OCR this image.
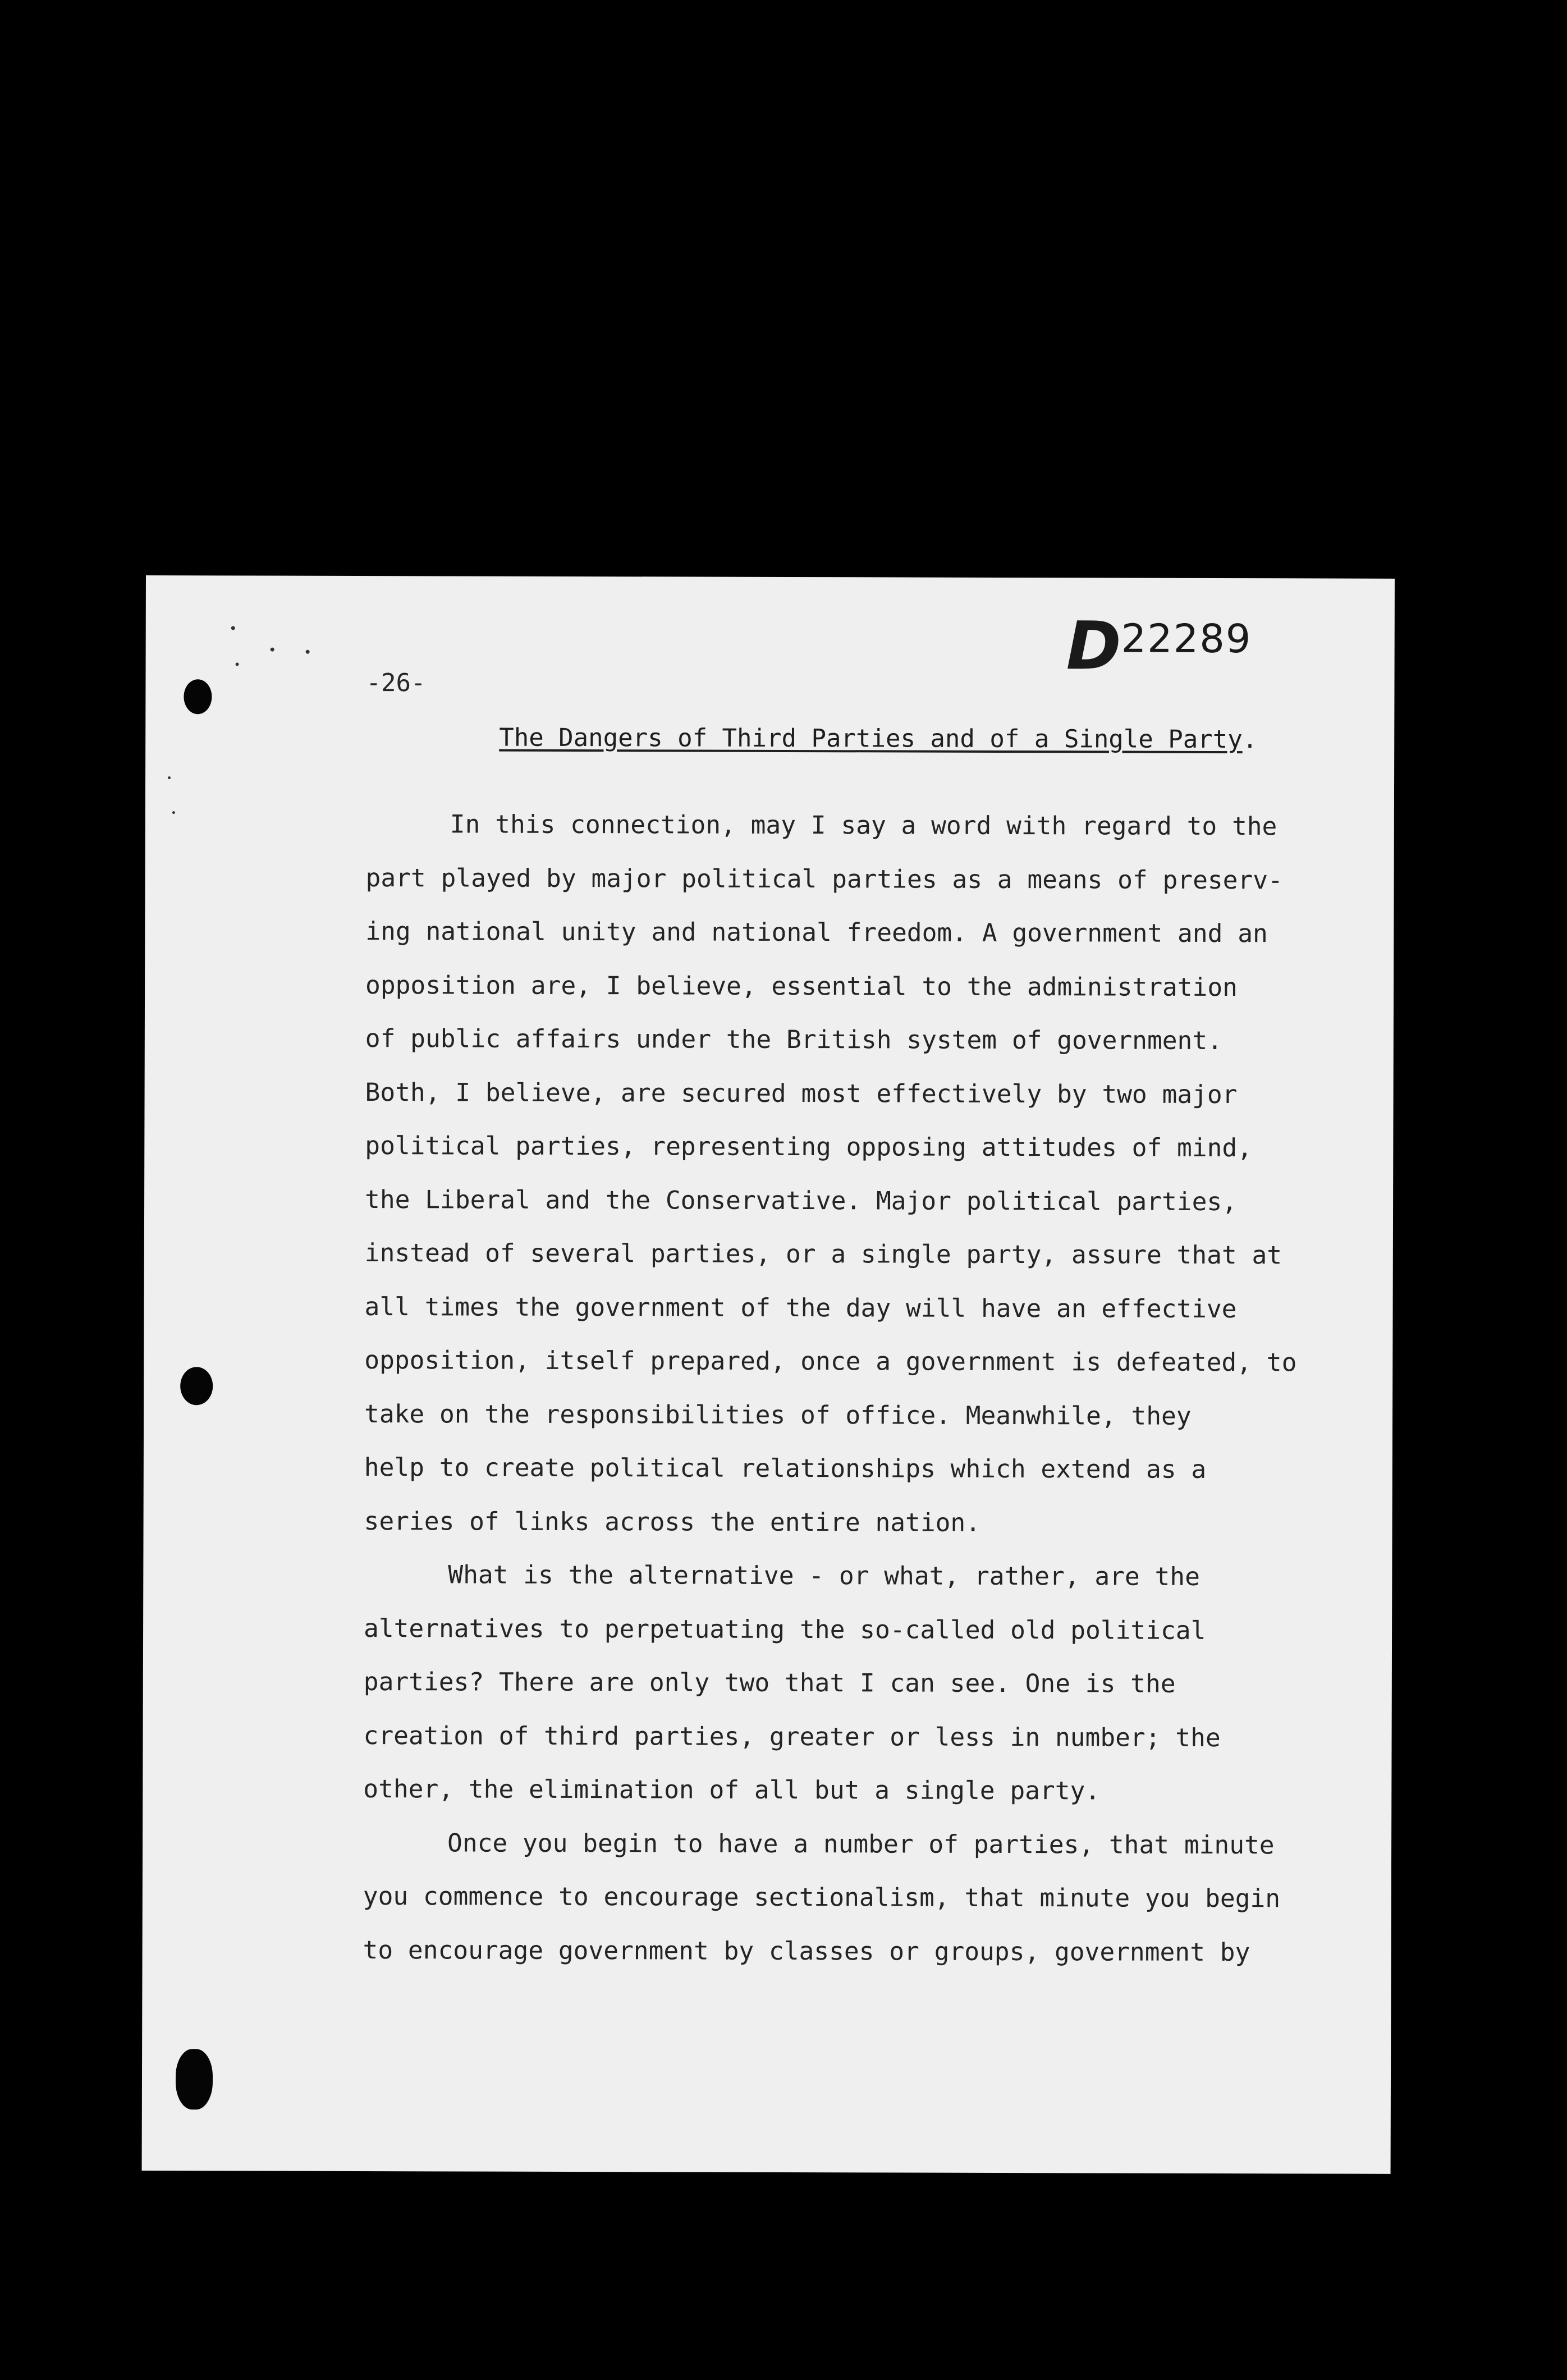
D22289
-26-
The Dangers of Third Parties and of a Single Party.
In this connection, may I say a word with regard to the
part played by major political parties as a means of preserv-
ing national unity and national freedom. A government and an
opposition are, I believe, essential to the administration
of public affairs under the British system of government.
Both, I believe, are secured most effectively by two major
political parties, representing opposing attitudes of mind,
the Liberal and the Conservative. Major political parties,
instead of several parties, or a single party, assure that at
all times the government of the day will have an effective
opposition, itself prepared, once a government is defeated, to
take on the responsibilities of office. Meanwhile, they
help to create political relationships which extend as a
series of links across the entire nation.
What is the alternative - or what, rather, are the
alternatives to perpetuating the so-called old political
parties? There are only two that I can see. One is the
creation of third parties, greater or less in number; the
other, the elimination of all but a single party.
Once you begin to have a number of parties, that minute
you commence to encourage sectionalism, that minute you begin
to encourage government by classes or groups, government by
